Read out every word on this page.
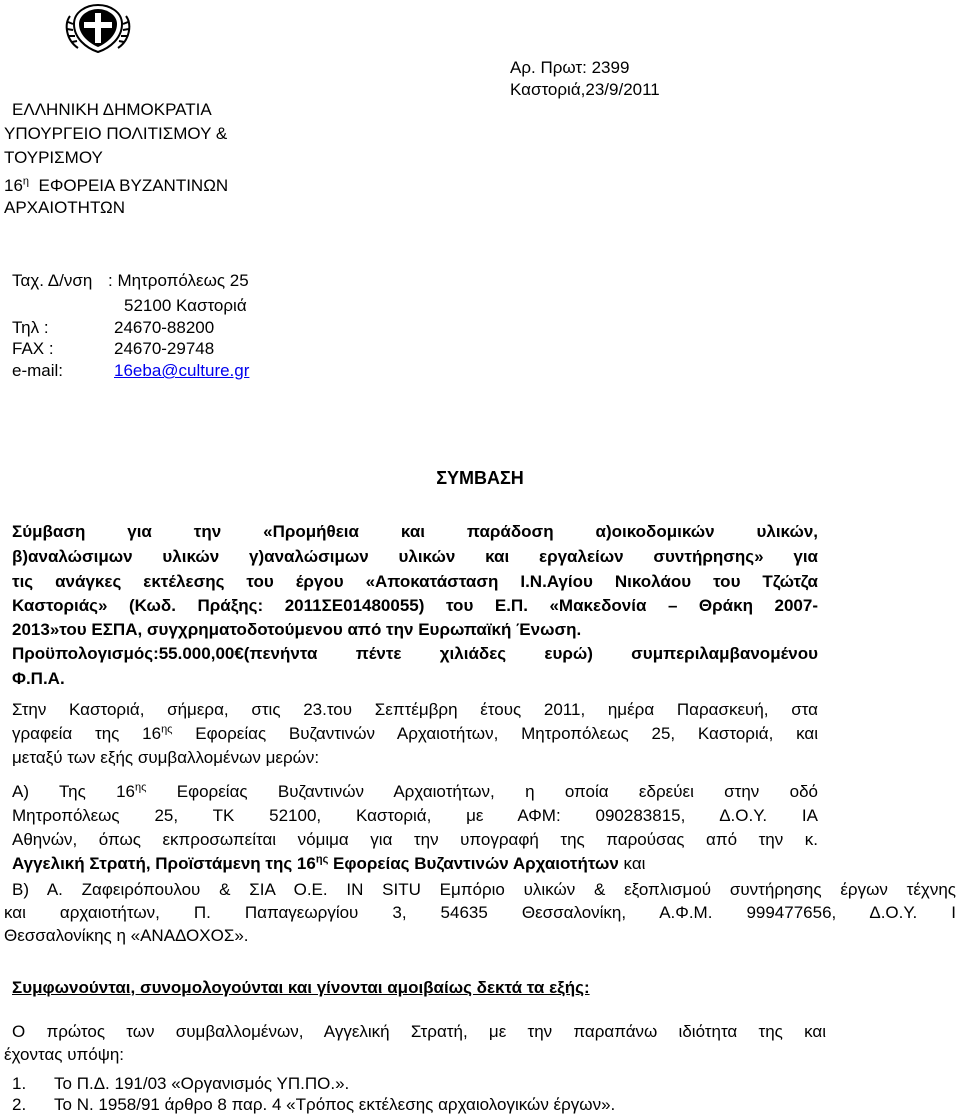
Αρ. Πρωτ: 2399
Καστοριά,23/9/2011
ΕΛΛΗΝΙΚΗ ΔΗΜΟΚΡΑΤΙΑ
ΥΠΟΥΡΓΕΙΟ ΠΟΛΙΤΙΣΜΟΥ &
ΤΟΥΡΙΣΜΟΥ
$16^\eta$ ΕΦΟΡΕΙΑ ΒΥΖΑΝΤΙΝΩΝ
ΑΡΧΑΙΟΤΗΤΩΝ
Ταχ. Δ/νση : Μητροπόλεως 25
52100 Καστοριά
Τηλ :	24670-88200
FAX :	24670-29748
e-mail:	16eba@culture.gr
ΣΥΜΒΑΣΗ
Σύμβαση για την «Προμήθεια και παράδοση α)οικοδομικών υλικών,
β)αναλώσιμων υλικών γ)αναλώσιμων υλικών και εργαλείων συντήρησης» για
τις ανάγκες εκτέλεσης του έργου «Αποκατάσταση Ι.Ν.Αγίου Νικολάου του Τζώτζα
Καστοριάς» (Κωδ. Πράξης: 2011ΣΕ01480055) του Ε.Π. «Μακεδονία – Θράκη 2007-
2013»του ΕΣΠΑ, συγχρηματοδοτούμενου από την Ευρωπαϊκή Ένωση.
Προϋπολογισμός:55.000,00€(πενήντα πέντε χιλιάδες ευρώ) συμπεριλαμβανομένου
Φ.Π.Α.
Στην Καστοριά, σήμερα, στις 23.του Σεπτέμβρη έτους 2011, ημέρα Παρασκευή, στα
γραφεία της $16^{\eta\varsigma}$ Εφορείας Βυζαντινών Αρχαιοτήτων, Μητροπόλεως 25, Καστοριά, και
μεταξύ των εξής συμβαλλομένων μερών:
Α) Της $16^{\eta\varsigma}$ Εφορείας Βυζαντινών Αρχαιοτήτων, η οποία εδρεύει στην οδό
Μητροπόλεως 25, ΤΚ 52100, Καστοριά, με ΑΦΜ: 090283815, Δ.Ο.Υ. ΙΑ
Αθηνών, όπως εκπροσωπείται νόμιμα για την υπογραφή της παρούσας από την κ.
Αγγελική Στρατή, Προϊστάμενη της $16^{\eta\varsigma}$ Εφορείας Βυζαντινών Αρχαιοτήτων και
Β) Α. Ζαφειρόπουλου & ΣΙΑ Ο.Ε. IN SITU Εμπόριο υλικών & εξοπλισμού συντήρησης έργων τέχνης
και αρχαιοτήτων, Π. Παπαγεωργίου 3, 54635 Θεσσαλονίκη, Α.Φ.Μ. 999477656, Δ.Ο.Υ. Ι
Θεσσαλονίκης η «ΑΝΑΔΟΧΟΣ».
Συμφωνούνται, συνομολογούνται και γίνονται αμοιβαίως δεκτά τα εξής:
Ο πρώτος των συμβαλλομένων, Αγγελική Στρατή, με την παραπάνω ιδιότητα της και
έχοντας υπόψη:
1. Το Π.Δ. 191/03 «Οργανισμός ΥΠ.ΠΟ.».
2. Το Ν. 1958/91 άρθρο 8 παρ. 4 «Τρόπος εκτέλεσης αρχαιολογικών έργων».
